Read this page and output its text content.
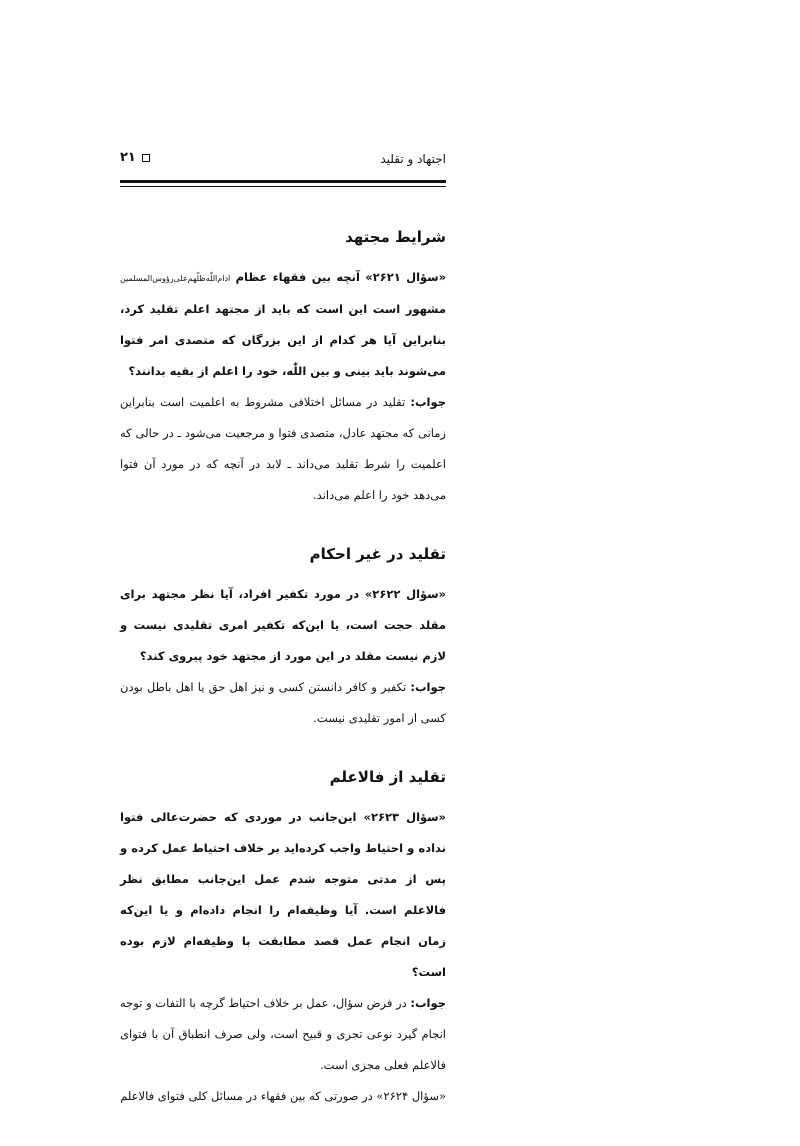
اجتهاد و تقلید
۲۱
شرایط مجتهد

«سؤال ۲۶۲۱» آنچه بین فقهاء عظام ادام‌اللّٰه‌ظلّهم‌علی‌رؤوس‌المسلمین مشهور است این است که باید از مجتهد اعلم تقلید کرد، بنابراین آیا هر کدام از این بزرگان که متصدی امر فتوا می‌شوند باید بینی و بین اللّٰه، خود را اعلم از بقیه بدانند؟

جواب: تقلید در مسائل اختلافی مشروط به اعلمیت است بنابراین زمانی که مجتهد عادل، متصدی فتوا و مرجعیت می‌شود ـ در حالی که اعلمیت را شرط تقلید می‌داند ـ لابد در آنچه که در مورد آن فتوا می‌دهد خود را اعلم می‌داند.

تقلید در غیر احکام

«سؤال ۲۶۲۲» در مورد تکفیر افراد، آیا نظر مجتهد برای مقلد حجت است، یا این‌که تکفیر امری تقلیدی نیست و لازم نیست مقلد در این مورد از مجتهد خود پیروی کند؟

جواب: تکفیر و کافر دانستن کسی و نیز اهل حق یا اهل باطل بودن کسی از امور تقلیدی نیست.

تقلید از فالاعلم

«سؤال ۲۶۲۳» این‌جانب در موردی که حضرت‌عالی فتوا نداده و احتیاط واجب کرده‌اید بر خلاف احتیاط عمل کرده و پس از مدتی متوجه شدم عمل این‌جانب مطابق نظر فالاعلم است. آیا وظیفه‌ام را انجام داده‌ام و یا این‌که زمان انجام عمل قصد مطابقت با وظیفه‌ام لازم بوده است؟

جواب: در فرض سؤال، عمل بر خلاف احتیاط گرچه با التفات و توجه انجام گیرد نوعی تجری و قبیح است، ولی صرف انطباق آن با فتوای فالاعلم فعلی مجزی است.

«سؤال ۲۶۲۴» در صورتی که بین فقهاء در مسائل کلی فتوای فالاعلم
